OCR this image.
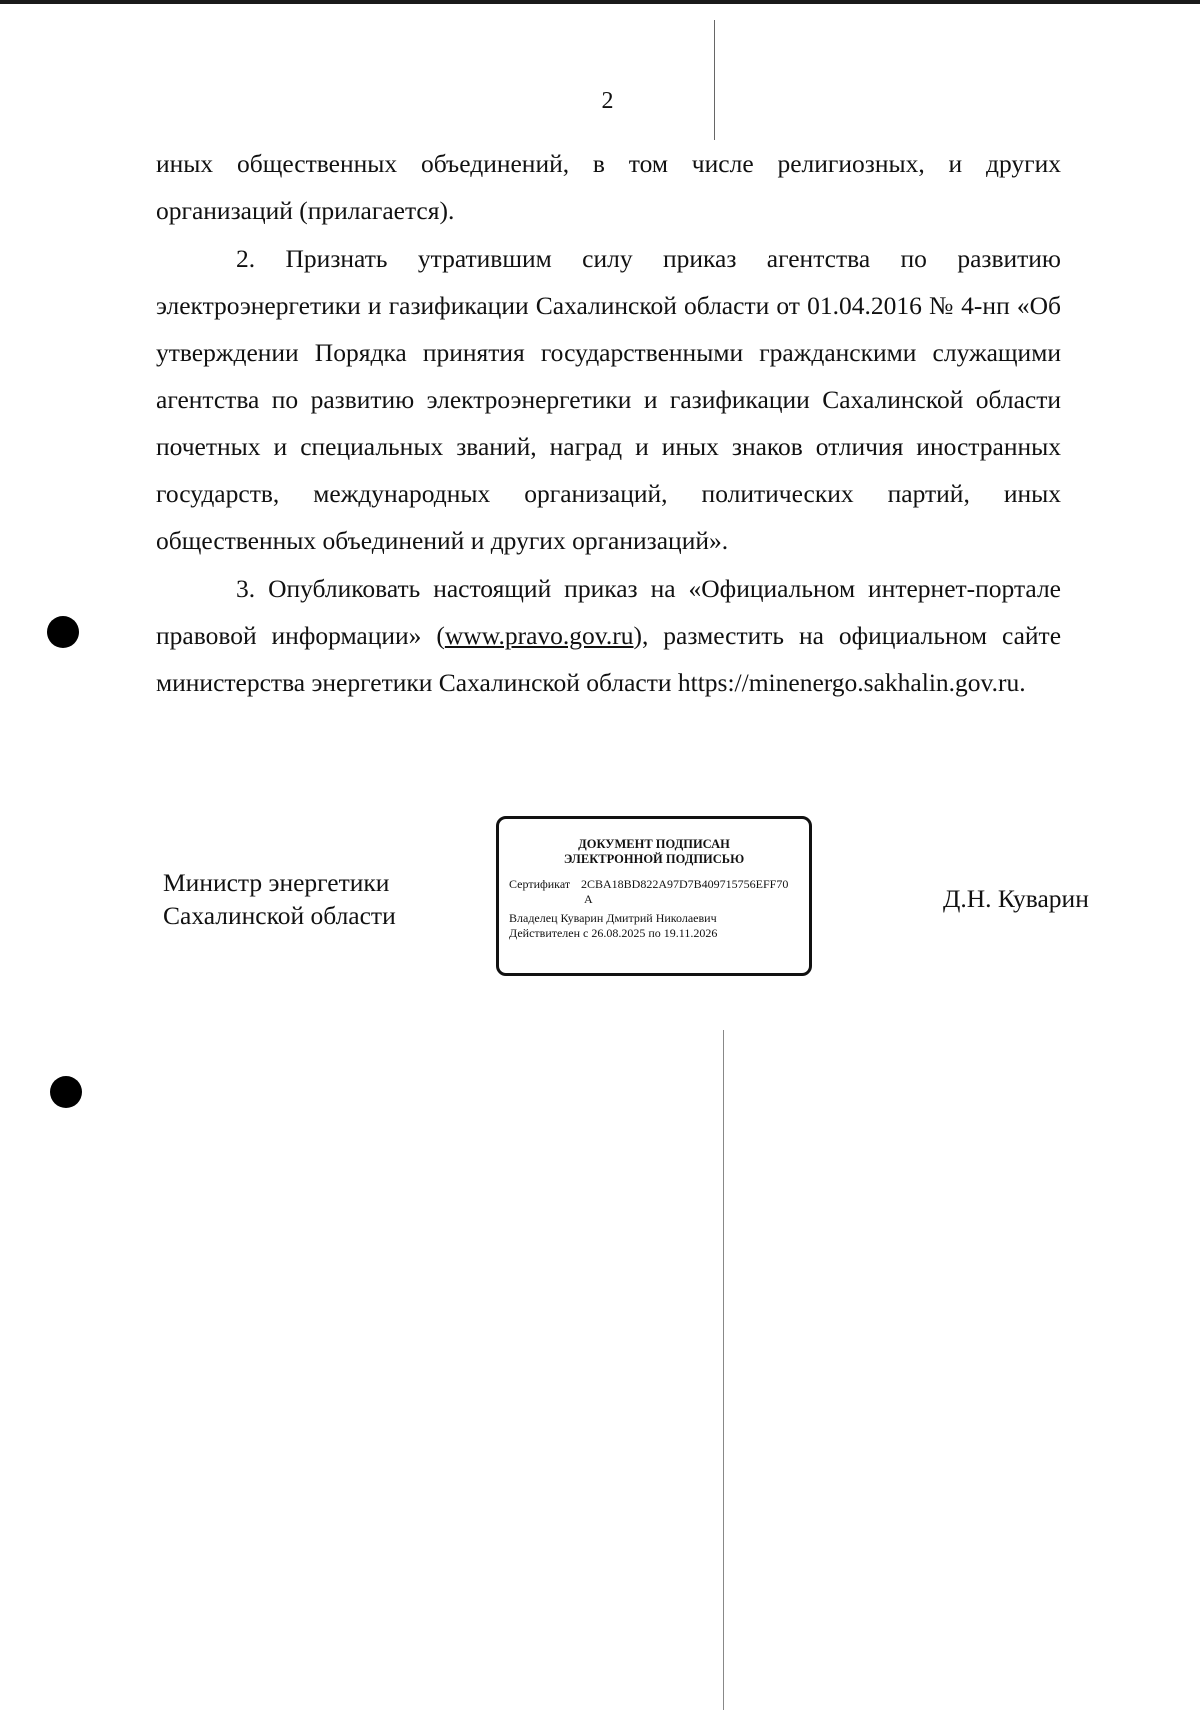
2

иных общественных объединений, в том числе религиозных, и других организаций (прилагается).

2. Признать утратившим силу приказ агентства по развитию электроэнергетики и газификации Сахалинской области от 01.04.2016 № 4-нп «Об утверждении Порядка принятия государственными гражданскими служащими агентства по развитию электроэнергетики и газификации Сахалинской области почетных и специальных званий, наград и иных знаков отличия иностранных государств, международных организаций, политических партий, иных общественных объединений и других организаций».

3. Опубликовать настоящий приказ на «Официальном интернет-портале правовой информации» (www.pravo.gov.ru), разместить на официальном сайте министерства энергетики Сахалинской области https://minenergo.sakhalin.gov.ru.

Министр энергетики
Сахалинской области
ДОКУМЕНТ ПОДПИСАН
ЭЛЕКТРОННОЙ ПОДПИСЬЮ
Сертификат 2CBA18BD822A97D7B409715756EFF70
A
Владелец Куварин Дмитрий Николаевич
Действителен с 26.08.2025 по 19.11.2026
Д.Н. Куварин
